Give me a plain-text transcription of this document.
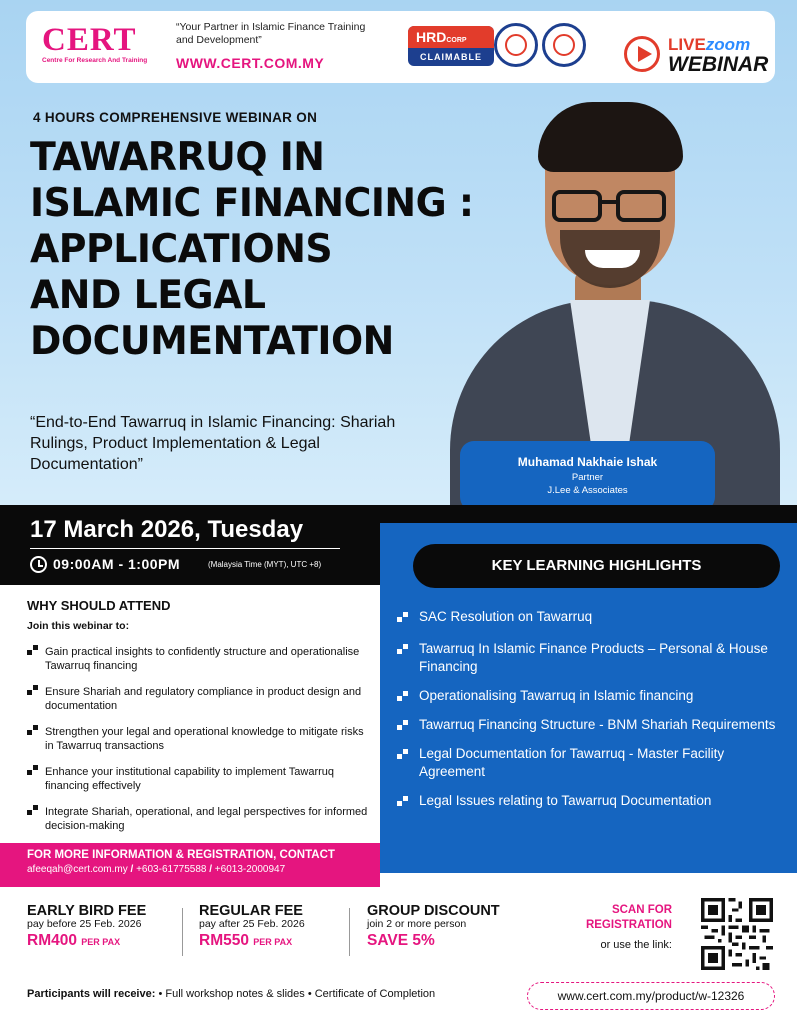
CERT
Centre For Research And Training
“Your Partner in Islamic Finance Training and Development”
WWW.CERT.COM.MY
HRDCORP
CLAIMABLE
LIVEzoom
WEBINAR
4 HOURS COMPREHENSIVE WEBINAR ON
TAWARRUQ IN
ISLAMIC FINANCING :
APPLICATIONS
AND LEGAL
DOCUMENTATION
“End-to-End Tawarruq in Islamic Financing: Shariah Rulings, Product Implementation & Legal Documentation”	Muhamad Nakhaie Ishak
Partner
J.Lee & Associates
17 March 2026, Tuesday
09:00AM - 1:00PM	(Malaysia Time (MYT), UTC +8)	KEY LEARNING HIGHLIGHTS
SAC Resolution on Tawarruq
Tawarruq In Islamic Finance Products – Personal & House Financing
Operationalising Tawarruq in Islamic financing
Tawarruq Financing Structure - BNM Shariah Requirements
Legal Documentation for Tawarruq - Master Facility Agreement
Legal Issues relating to Tawarruq Documentation
WHY SHOULD ATTEND
Join this webinar to:
Gain practical insights to confidently structure and operationalise Tawarruq financing
Ensure Shariah and regulatory compliance in product design and documentation
Strengthen your legal and operational knowledge to mitigate risks in Tawarruq transactions
Enhance your institutional capability to implement Tawarruq financing effectively
Integrate Shariah, operational, and legal perspectives for informed decision-making
FOR MORE INFORMATION & REGISTRATION, CONTACT
afeeqah@cert.com.my / +603-61775588 / +6013-2000947
EARLY BIRD FEE
pay before 25 Feb. 2026
RM400 PER PAX
REGULAR FEE
pay after 25 Feb. 2026
RM550 PER PAX
GROUP DISCOUNT
join 2 or more person
SAVE 5%
SCAN FOR
REGISTRATION
or use the link:
Participants will receive: • Full workshop notes & slides • Certificate of Completion	www.cert.com.my/product/w-12326
